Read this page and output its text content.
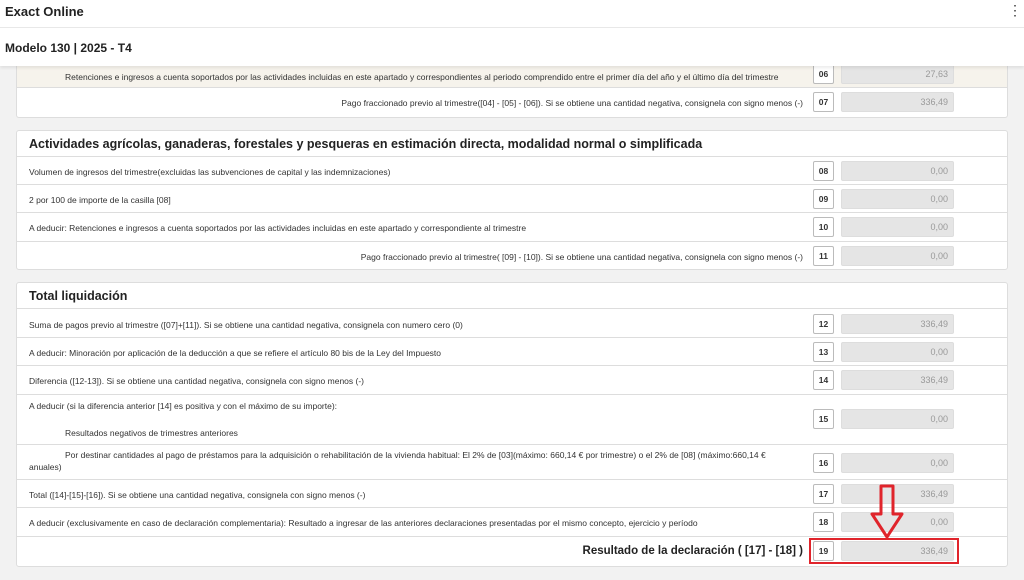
Exact Online	⋮
Modelo 130 | 2025 - T4
Retenciones e ingresos a cuenta soportados por las actividades incluidas en este apartado y correspondientes al periodo comprendido entre el primer día del año y el último día del trimestre	06	27,63
Pago fraccionado previo al trimestre([04] - [05] - [06]). Si se obtiene una cantidad negativa, consignela con signo menos (-)	07	336,49
Actividades agrícolas, ganaderas, forestales y pesqueras en estimación directa, modalidad normal o simplificada
Volumen de ingresos del trimestre(excluidas las subvenciones de capital y las indemnizaciones)	08	0,00
2 por 100 de importe de la casilla [08]	09	0,00
A deducir: Retenciones e ingresos a cuenta soportados por las actividades incluidas en este apartado y correspondiente al trimestre	10	0,00
Pago fraccionado previo al trimestre( [09] - [10]). Si se obtiene una cantidad negativa, consignela con signo menos (-)	11	0,00
Total liquidación
Suma de pagos previo al trimestre ([07]+[11]). Si se obtiene una cantidad negativa, consignela con numero cero (0)	12	336,49
A deducir: Minoración por aplicación de la deducción a que se refiere el artículo 80 bis de la Ley del Impuesto	13	0,00
Diferencia ([12-13]). Si se obtiene una cantidad negativa, consignela con signo menos (-)	14	336,49
A deducir (si la diferencia anterior [14] es positiva y con el máximo de su importe):
Resultados negativos de trimestres anteriores
15	0,00
Por destinar cantidades al pago de préstamos para la adquisición o rehabilitación de la vivienda habitual: El 2% de [03](máximo: 660,14 € por trimestre) o el 2% de [08] (máximo:660,14 €
anuales)	16	0,00
Total ([14]-[15]-[16]). Si se obtiene una cantidad negativa, consignela con signo menos (-)	17	336,49
A deducir (exclusivamente en caso de declaración complementaria): Resultado a ingresar de las anteriores declaraciones presentadas por el mismo concepto, ejercicio y período	18	0,00
Resultado de la declaración ( [17] - [18] )	19	336,49
